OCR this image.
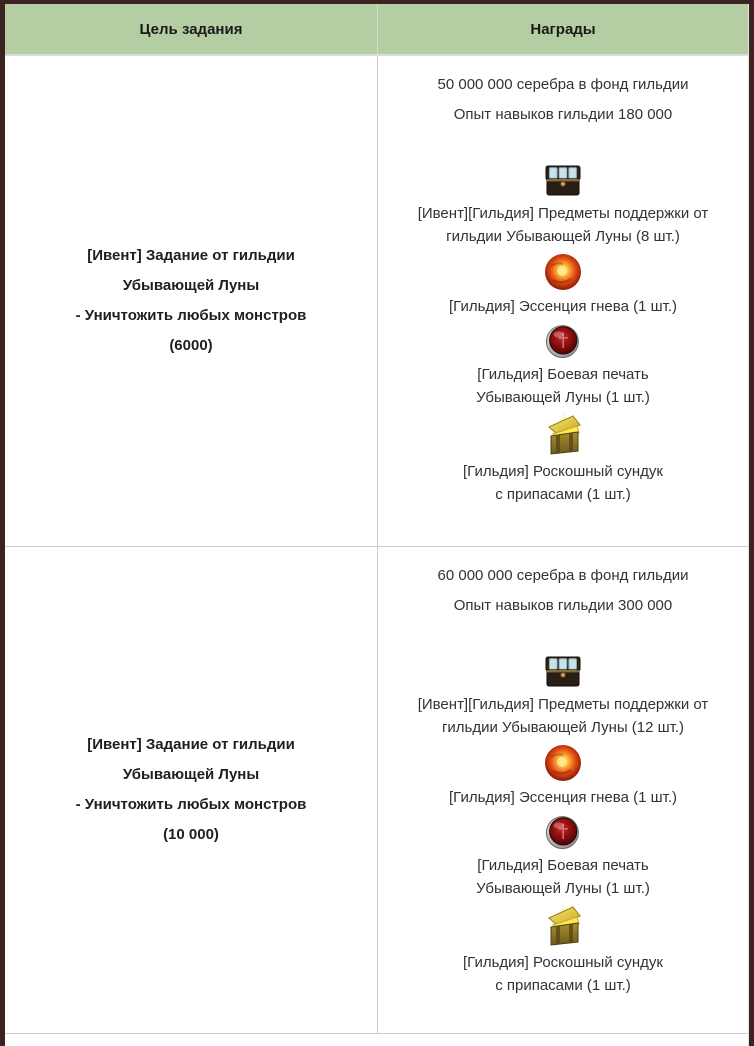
Цель задания	Награды
[Ивент] Задание от гильдии
Убывающей Луны
- Уничтожить любых монстров
(6000)

50 000 000 серебра в фонд гильдии

Опыт навыков гильдии 180 000

[Ивент][Гильдия] Предметы поддержки от
гильдии Убывающей Луны (8 шт.)
[Гильдия] Эссенция гнева (1 шт.)
[Гильдия] Боевая печать
Убывающей Луны (1 шт.)
[Гильдия] Роскошный сундук
с припасами (1 шт.)
[Ивент] Задание от гильдии
Убывающей Луны
- Уничтожить любых монстров
(10 000)

60 000 000 серебра в фонд гильдии

Опыт навыков гильдии 300 000

[Ивент][Гильдия] Предметы поддержки от
гильдии Убывающей Луны (12 шт.)
[Гильдия] Эссенция гнева (1 шт.)
[Гильдия] Боевая печать
Убывающей Луны (1 шт.)
[Гильдия] Роскошный сундук
с припасами (1 шт.)
